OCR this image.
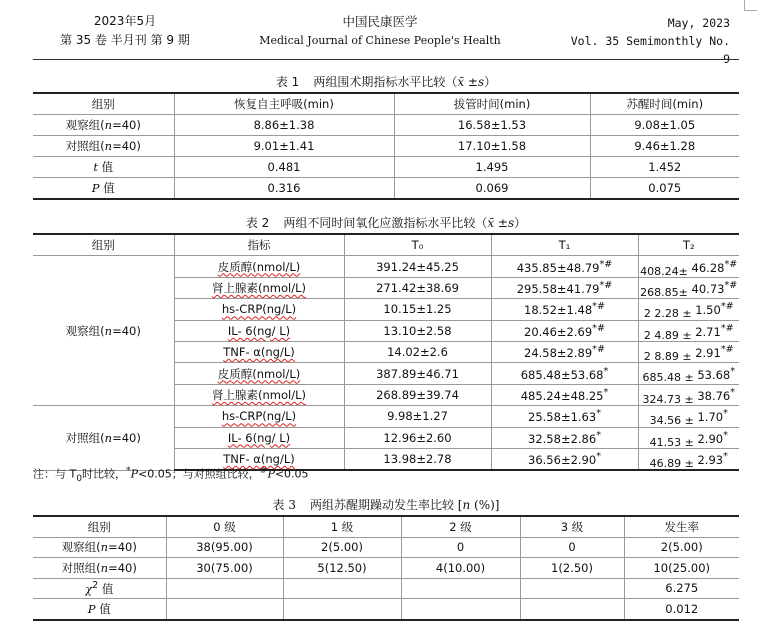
2023年5月
第 35 卷 半月刊 第 9 期
中国民康医学
Medical Journal of Chinese People's Health
May, 2023
Vol. 35 Semimonthly No. 9
表 1 两组围术期指标水平比较（x̄ ±s）
组别	恢复自主呼吸(min)	拔管时间(min)	苏醒时间(min)
观察组(n=40)	8.86±1.38	16.58±1.53	9.08±1.05
对照组(n=40)	9.01±1.41	17.10±1.58	9.46±1.28
t 值	0.481	1.495	1.452
P 值	0.316	0.069	0.075
表 2 两组不同时间氧化应激指标水平比较（x̄ ±s）
组别	指标	T₀	T₁	T₂
观察组(n=40)	皮质醇(nmol/L)	391.24±45.25	435.85±48.79*#	408.24± 46.28*#
	肾上腺素(nmol/L)	271.42±38.69	295.58±41.79*#	268.85± 40.73*#
	hs-CRP(ng/L)	10.15±1.25	18.52±1.48*#	2 2.28 ± 1.50*#
	IL- 6(ng/ L)	13.10±2.58	20.46±2.69*#	2 4.89 ± 2.71*#
	TNF- α(ng/L)	14.02±2.6	24.58±2.89*#	2 8.89 ± 2.91*#
	皮质醇(nmol/L)	387.89±46.71	685.48±53.68*	685.48 ± 53.68*
	肾上腺素(nmol/L)	268.89±39.74	485.24±48.25*	324.73 ± 38.76*
对照组(n=40)	hs-CRP(ng/L)	9.98±1.27	25.58±1.63*	34.56 ± 1.70*
	IL- 6(ng/ L)	12.96±2.60	32.58±2.86*	41.53 ± 2.90*
	TNF- α(ng/L)	13.98±2.78	36.56±2.90*	46.89 ± 2.93*
注：与 $T_0$时比较，*P<0.05；与对照组比较，#P<0.05
表 3 两组苏醒期躁动发生率比较 [n (%)]
组别	0 级	1 级	2 级	3 级	发生率
观察组(n=40)	38(95.00)	2(5.00)	0	0	2(5.00)
对照组(n=40)	30(75.00)	5(12.50)	4(10.00)	1(2.50)	10(25.00)
$\chi^2$ 值					6.275
P 值					0.012
